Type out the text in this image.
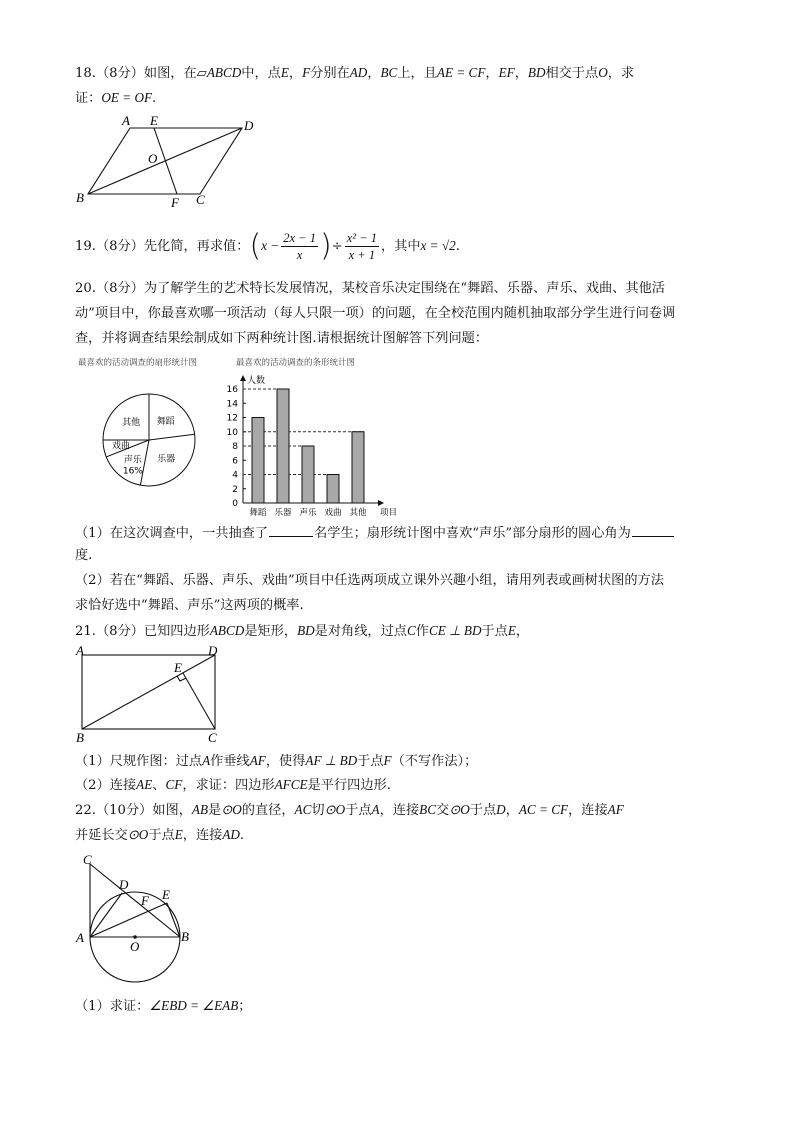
18.（8分）如图，在▱ABCD中，点E，F分别在AD，BC上，且AE = CF，EF，BD相交于点O，求
证：OE = OF.
A E	D
O
B	F C
19.（8分）先化简，再求值：($x - \frac{2x - 1}{x}$ )÷ $\frac{\text{x² − 1}}{x + 1}$ ，其中x = √2.
20.（8分）为了解学生的艺术特长发展情况，某校音乐决定围绕在“舞蹈、乐器、声乐、戏曲、其他活
动”项目中，你最喜欢哪一项活动（每人只限一项）的问题，在全校范围内随机抽取部分学生进行问卷调
查，并将调查结果绘制成如下两种统计图.请根据统计图解答下列问题：
最喜欢的活动调查的扇形统计图
其他 舞蹈
乐器
声乐
16%
戏曲
最喜欢的活动调查的条形统计图
人数
项目
0
2
4
6
8
10
12
14
16
舞蹈 乐器 声乐 戏曲 其他
（1）在这次调查中，一共抽查了	名学生；扇形统计图中喜欢“声乐”部分扇形的圆心角为
度.
（2）若在“舞蹈、乐器、声乐、戏曲”项目中任选两项成立课外兴趣小组，请用列表或画树状图的方法
求恰好选中“舞蹈、声乐”这两项的概率.
21.（8分）已知四边形ABCD是矩形，BD是对角线，过点C作CE ⊥ BD于点E，
A	D
E
B	C
（1）尺规作图：过点A作垂线AF，使得AF ⊥ BD于点F（不写作法）；
（2）连接AE、CF，求证：四边形AFCE是平行四边形.
22.（10分）如图，AB是⊙O的直径，AC切⊙O于点A，连接BC交⊙O于点D，AC = CF，连接AF
并延长交⊙O于点E，连接AD.
C
D
E
F
A
O
B
（1）求证：∠EBD = ∠EAB；
